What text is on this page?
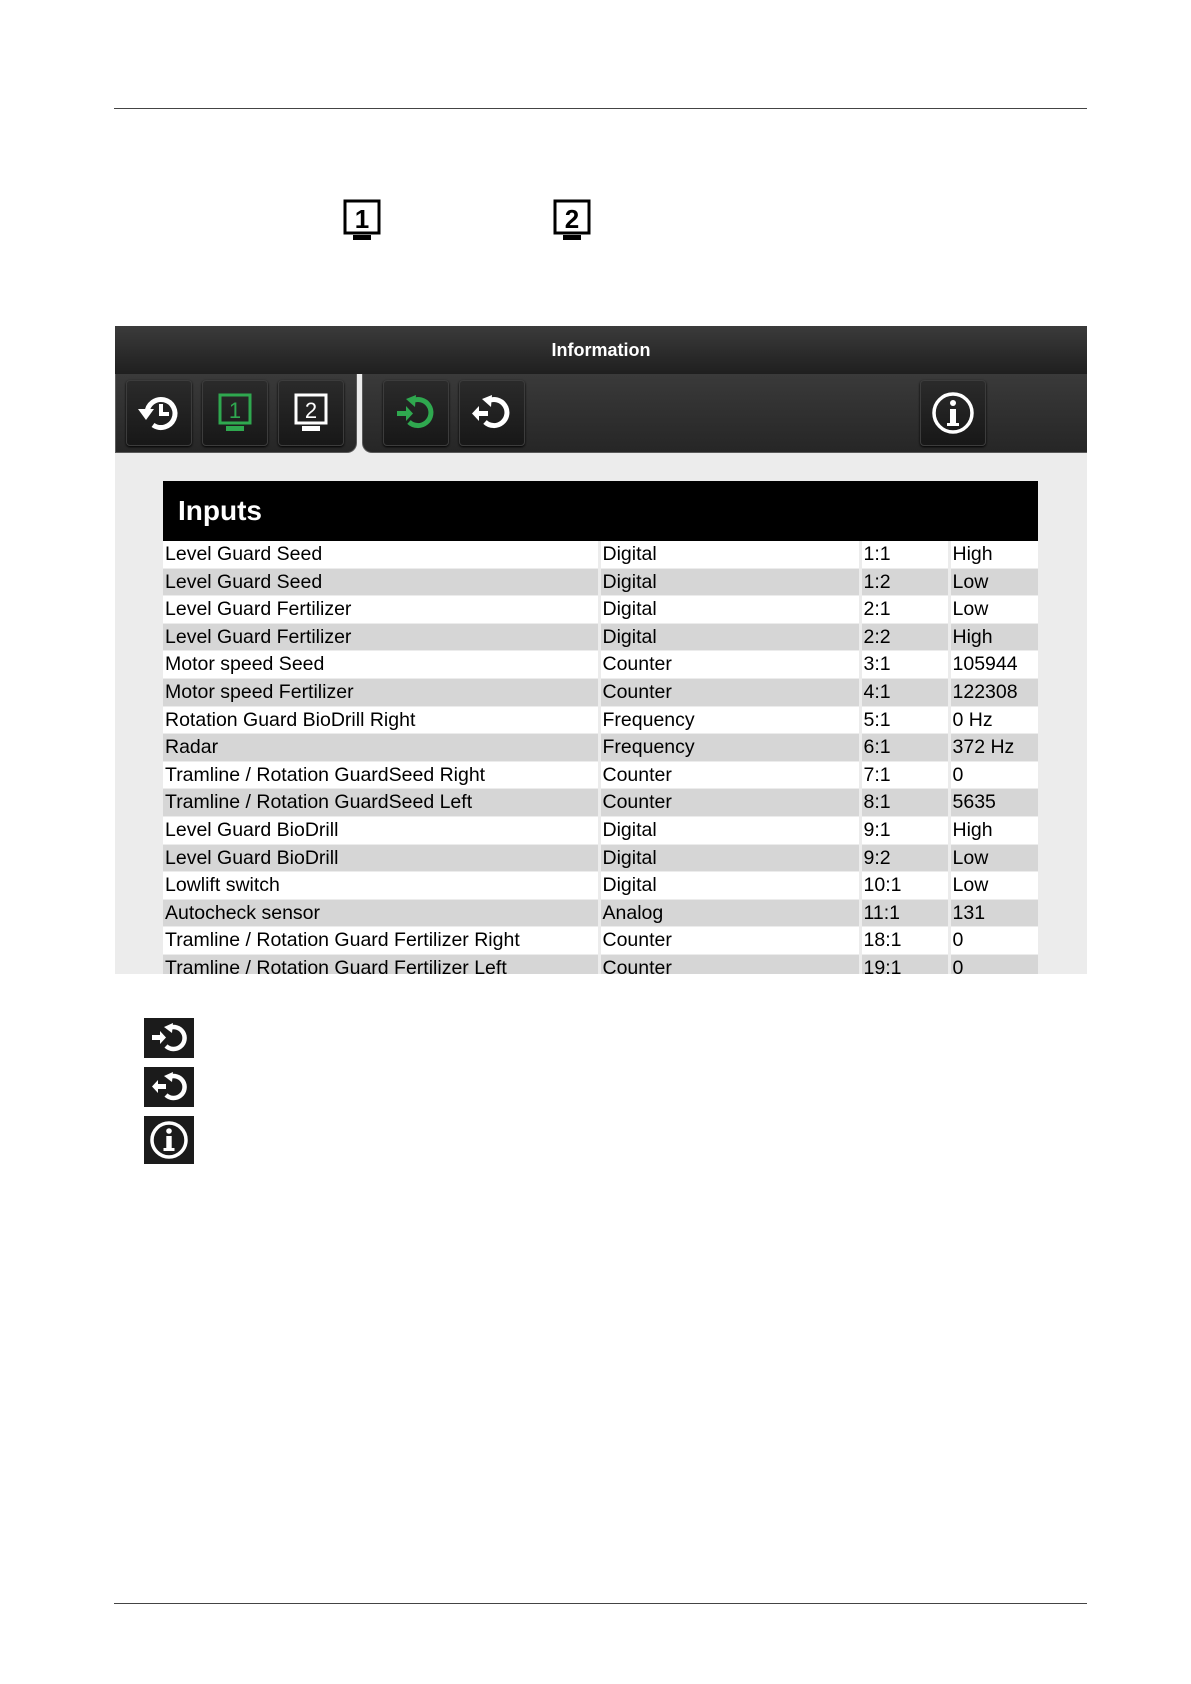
1	2
Information
1	2
Inputs
Level Guard Seed	Digital	1:1	High
Level Guard Seed	Digital	1:2	Low
Level Guard Fertilizer	Digital	2:1	Low
Level Guard Fertilizer	Digital	2:2	High
Motor speed Seed	Counter	3:1	105944
Motor speed Fertilizer	Counter	4:1	122308
Rotation Guard BioDrill Right	Frequency	5:1	0 Hz
Radar	Frequency	6:1	372 Hz
Tramline / Rotation GuardSeed Right	Counter	7:1	0
Tramline / Rotation GuardSeed Left	Counter	8:1	5635
Level Guard BioDrill	Digital	9:1	High
Level Guard BioDrill	Digital	9:2	Low
Lowlift switch	Digital	10:1	Low
Autocheck sensor	Analog	11:1	131
Tramline / Rotation Guard Fertilizer Right	Counter	18:1	0
Tramline / Rotation Guard Fertilizer Left	Counter	19:1	0
